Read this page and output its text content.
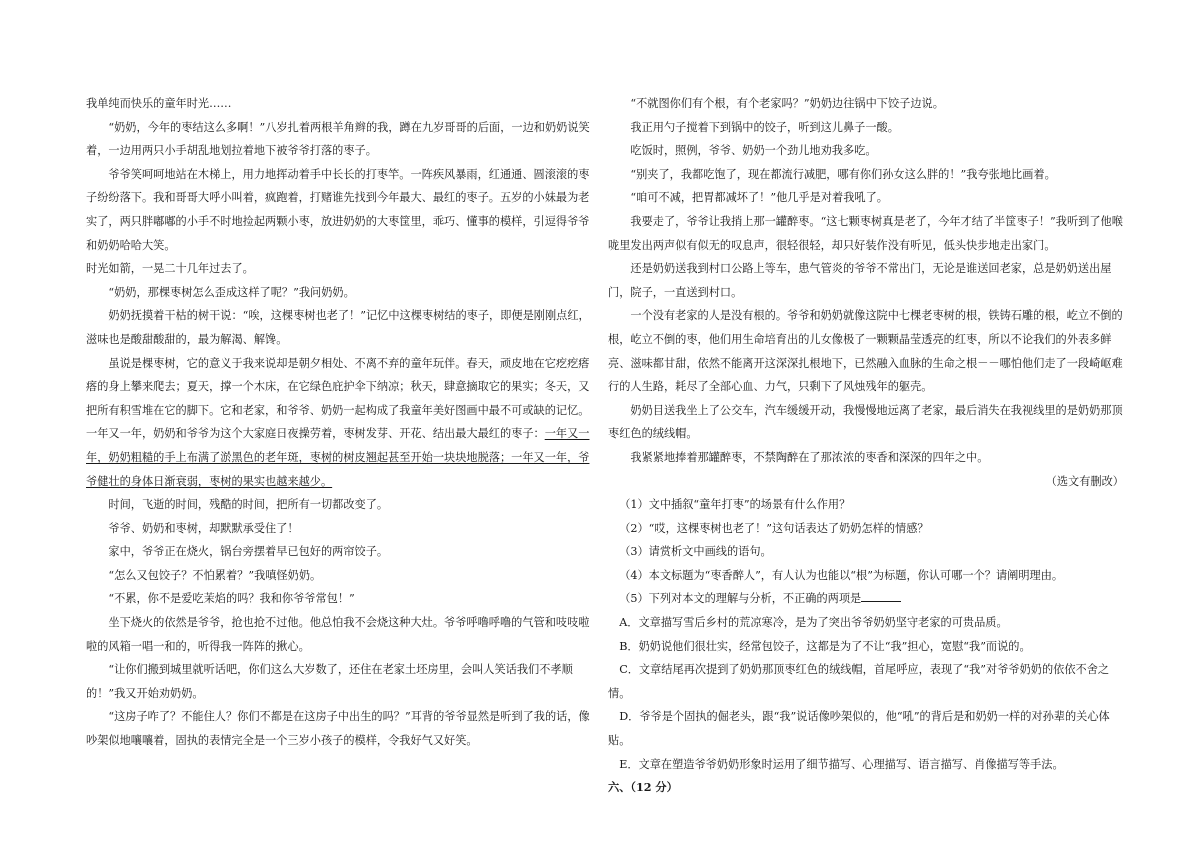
我单纯而快乐的童年时光……

“奶奶，今年的枣结这么多啊！”八岁扎着两根羊角辫的我，蹲在九岁哥哥的后面，一边和奶奶说笑着，一边用两只小手胡乱地划拉着地下被爷爷打落的枣子。

爷爷笑呵呵地站在木梯上，用力地挥动着手中长长的打枣竿。一阵疾风暴雨，红通通、圆滚滚的枣子纷纷落下。我和哥哥大呼小叫着，疯跑着，打赌谁先找到今年最大、最红的枣子。五岁的小妹最为老实了，两只胖嘟嘟的小手不时地捡起两颗小枣，放进奶奶的大枣筐里，乖巧、懂事的模样，引逗得爷爷和奶奶哈哈大笑。

时光如箭，一晃二十几年过去了。

“奶奶，那棵枣树怎么歪成这样了呢？”我问奶奶。

奶奶抚摸着干枯的树干说：“唉，这棵枣树也老了！”记忆中这棵枣树结的枣子，即便是刚刚点红，滋味也是酸甜酸甜的，最为解渴、解馋。

虽说是棵枣树，它的意义于我来说却是朝夕相处、不离不弃的童年玩伴。春天，顽皮地在它疙疙瘩瘩的身上攀来爬去；夏天，撑一个木床，在它绿色庇护伞下纳凉；秋天，肆意摘取它的果实；冬天，又把所有积雪堆在它的脚下。它和老家，和爷爷、奶奶一起构成了我童年美好图画中最不可或缺的记忆。一年又一年，奶奶和爷爷为这个大家庭日夜操劳着，枣树发芽、开花、结出最大最红的枣子：一年又一年，奶奶粗糙的手上布满了淤黑色的老年斑，枣树的树皮翘起甚至开始一块块地脱落；一年又一年，爷爷健壮的身体日渐衰弱，枣树的果实也越来越少。

时间，飞逝的时间，残酷的时间，把所有一切都改变了。

爷爷、奶奶和枣树，却默默承受住了！

家中，爷爷正在烧火，锅台旁摆着早已包好的两帘饺子。

“怎么又包饺子？不怕累着？”我嗔怪奶奶。

“不累，你不是爱吃茉焰的吗？我和你爷爷常包！”

坐下烧火的依然是爷爷，抢也抢不过他。他总怕我不会烧这种大灶。爷爷呼噜呼噜的气管和吱吱啦啦的风箱一唱一和的，听得我一阵阵的揪心。

“让你们搬到城里就听话吧，你们这么大岁数了，还住在老家土坯房里，会叫人笑话我们不孝顺的！”我又开始劝奶奶。

“这房子咋了？不能住人？你们不都是在这房子中出生的吗？”耳背的爷爷显然是听到了我的话，像吵架似地嚷嚷着，固执的表情完全是一个三岁小孩子的模样，令我好气又好笑。

“不就图你们有个根，有个老家吗？”奶奶边往锅中下饺子边说。

我正用勺子搅着下到锅中的饺子，听到这儿鼻子一酸。

吃饭时，照例，爷爷、奶奶一个劲儿地劝我多吃。

“别夹了，我都吃饱了，现在都流行减肥，哪有你们孙女这么胖的！”我夸张地比画着。

“咱可不减，把胃都减坏了！”他几乎是对着我吼了。

我要走了，爷爷让我捎上那一罐醉枣。“这七颗枣树真是老了，今年才结了半筐枣子！”我听到了他喉咙里发出两声似有似无的叹息声，很轻很轻，却只好装作没有听见，低头快步地走出家门。

还是奶奶送我到村口公路上等车，患气管炎的爷爷不常出门，无论是谁送回老家，总是奶奶送出屋门，院子，一直送到村口。

一个没有老家的人是没有根的。爷爷和奶奶就像这院中七棵老枣树的根，铁铸石雕的根，屹立不倒的根，屹立不倒的枣，他们用生命培育出的儿女像极了一颗颗晶莹透亮的红枣，所以不论我们的外表多鲜亮、滋味都甘甜，依然不能离开这深深扎根地下，已然融入血脉的生命之根－－哪怕他们走了一段崎岖难行的人生路，耗尽了全部心血、力气，只剩下了风烛残年的躯壳。

奶奶目送我坐上了公交车，汽车缓缓开动，我慢慢地远离了老家，最后消失在我视线里的是奶奶那顶枣红色的绒线帽。

我紧紧地捧着那罐醉枣，不禁陶醉在了那浓浓的枣香和深深的四年之中。

（选文有删改）

（1）文中插叙“童年打枣”的场景有什么作用？

（2）“哎，这棵枣树也老了！”这句话表达了奶奶怎样的情感？

（3）请赏析文中画线的语句。

（4）本文标题为“枣香醉人”，有人认为也能以“根”为标题，你认可哪一个？请阐明理由。

（5）下列对本文的理解与分析，不正确的两项是

A．文章描写雪后乡村的荒凉寒冷，是为了突出爷爷奶奶坚守老家的可贵品质。

B．奶奶说他们很壮实，经常包饺子，这都是为了不让“我”担心，宽慰“我”而说的。

C．文章结尾再次提到了奶奶那顶枣红色的绒线帽，首尾呼应，表现了“我”对爷爷奶奶的依依不舍之情。

D．爷爷是个固执的倔老头，跟“我”说话像吵架似的，他“吼”的背后是和奶奶一样的对孙辈的关心体贴。

E．文章在塑造爷爷奶奶形象时运用了细节描写、心理描写、语言描写、肖像描写等手法。

六、（12 分）
